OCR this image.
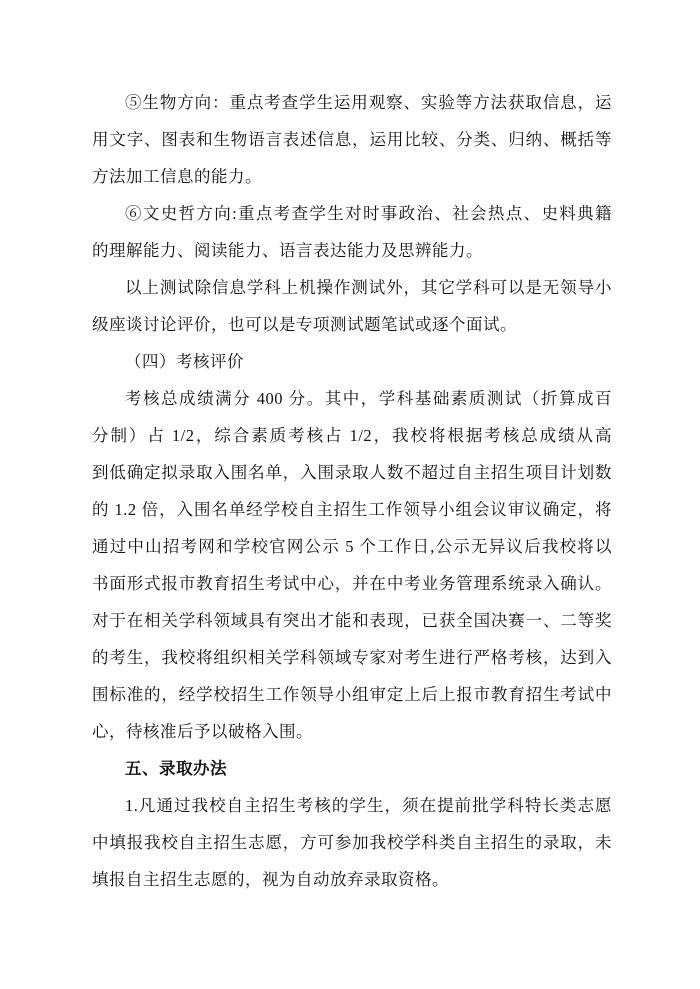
⑤生物方向：重点考查学生运用观察、实验等方法获取信息，运
用文字、图表和生物语言表述信息，运用比较、分类、归纳、概括等
方法加工信息的能力。
⑥文史哲方向:重点考查学生对时事政治、社会热点、史料典籍
的理解能力、阅读能力、语言表达能力及思辨能力。
以上测试除信息学科上机操作测试外，其它学科可以是无领导小
级座谈讨论评价，也可以是专项测试题笔试或逐个面试。
（四）考核评价
考核总成绩满分 400 分。其中，学科基础素质测试（折算成百
分制）占 1/2，综合素质考核占 1/2，我校将根据考核总成绩从高
到低确定拟录取入围名单，入围录取人数不超过自主招生项目计划数
的 1.2 倍，入围名单经学校自主招生工作领导小组会议审议确定，将
通过中山招考网和学校官网公示 5 个工作日,公示无异议后我校将以
书面形式报市教育招生考试中心，并在中考业务管理系统录入确认。
对于在相关学科领域具有突出才能和表现，已获全国决赛一、二等奖
的考生，我校将组织相关学科领域专家对考生进行严格考核，达到入
围标准的，经学校招生工作领导小组审定上后上报市教育招生考试中
心，待核准后予以破格入围。
五、录取办法
1.凡通过我校自主招生考核的学生，须在提前批学科特长类志愿
中填报我校自主招生志愿，方可参加我校学科类自主招生的录取，未
填报自主招生志愿的，视为自动放弃录取资格。
